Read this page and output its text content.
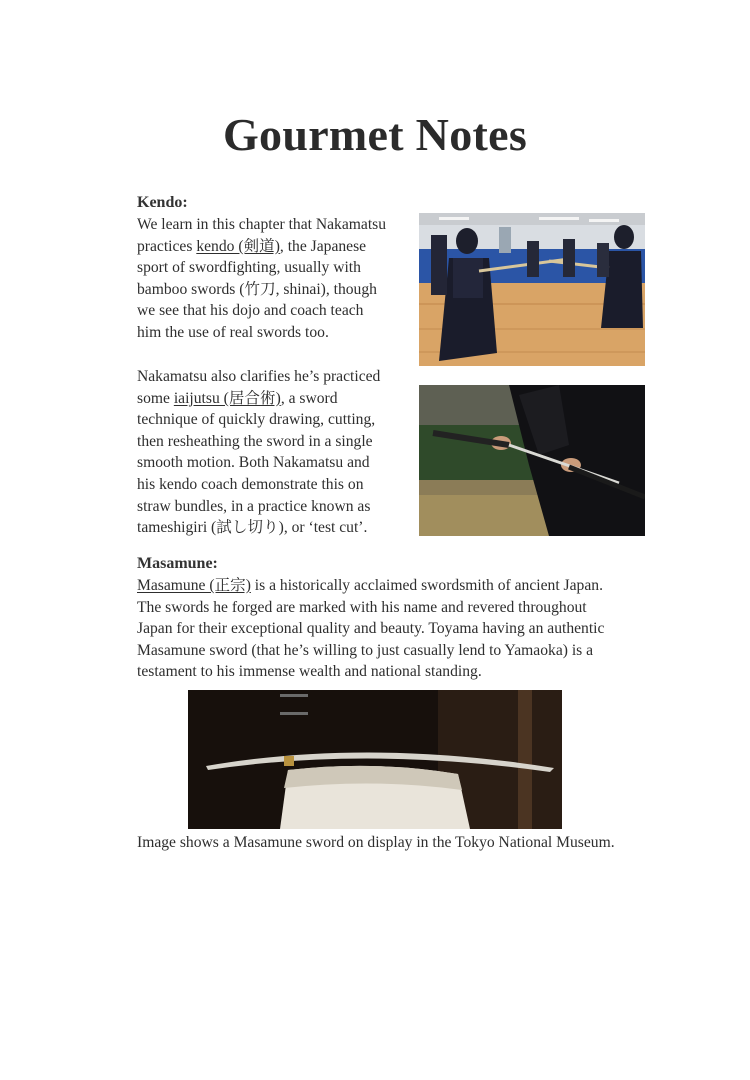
Gourmet Notes
Kendo:
We learn in this chapter that Nakamatsu
practices kendo (剣道), the Japanese
sport of swordfighting, usually with
bamboo swords (竹刀, shinai), though
we see that his dojo and coach teach
him the use of real swords too.
Nakamatsu also clarifies he’s practiced
some iaijutsu (居合術), a sword
technique of quickly drawing, cutting,
then resheathing the sword in a single
smooth motion. Both Nakamatsu and
his kendo coach demonstrate this on
straw bundles, in a practice known as
tameshigiri (試し切り), or ‘test cut’.
Masamune:
Masamune (正宗) is a historically acclaimed swordsmith of ancient Japan.
The swords he forged are marked with his name and revered throughout
Japan for their exceptional quality and beauty. Toyama having an authentic
Masamune sword (that he’s willing to just casually lend to Yamaoka) is a
testament to his immense wealth and national standing.
Image shows a Masamune sword on display in the Tokyo National Museum.
